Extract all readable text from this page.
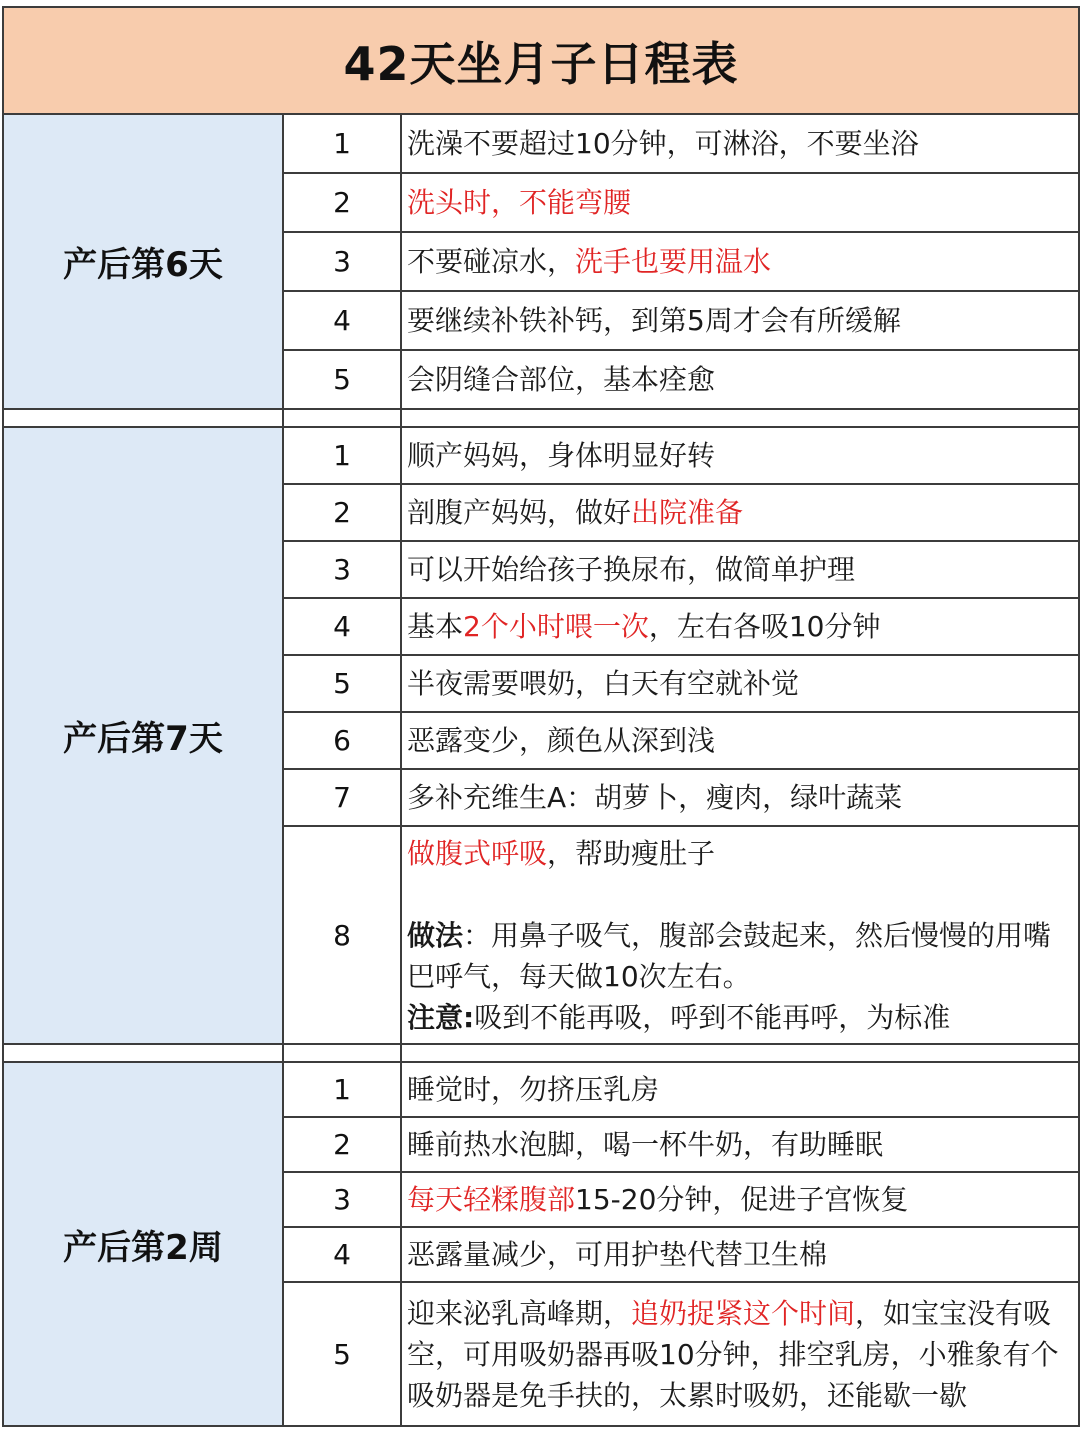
42天坐月子日程表		
产后第6天	1	洗澡不要超过10分钟，可淋浴，不要坐浴
	2	洗头时，不能弯腰
	3	不要碰凉水，洗手也要用温水
	4	要继续补铁补钙，到第5周才会有所缓解
	5	会阴缝合部位，基本痊愈

产后第7天	1	顺产妈妈，身体明显好转
	2	剖腹产妈妈，做好出院准备
	3	可以开始给孩子换尿布，做简单护理
	4	基本2个小时喂一次，左右各吸10分钟
	5	半夜需要喂奶，白天有空就补觉
	6	恶露变少，颜色从深到浅
	7	多补充维生A：胡萝卜，瘦肉，绿叶蔬菜
	8	做腹式呼吸，帮助瘦肚子
做法：用鼻子吸气，腹部会鼓起来，然后慢慢的用嘴巴呼气，每天做10次左右。
注意:吸到不能再吸，呼到不能再呼，为标准

产后第2周	1	睡觉时，勿挤压乳房
	2	睡前热水泡脚，喝一杯牛奶，有助睡眠
	3	每天轻糅腹部15-20分钟，促进子宫恢复
	4	恶露量减少，可用护垫代替卫生棉
	5	迎来泌乳高峰期，追奶捉紧这个时间，如宝宝没有吸空，可用吸奶器再吸10分钟，排空乳房，小雅象有个吸奶器是免手扶的，太累时吸奶，还能歇一歇
